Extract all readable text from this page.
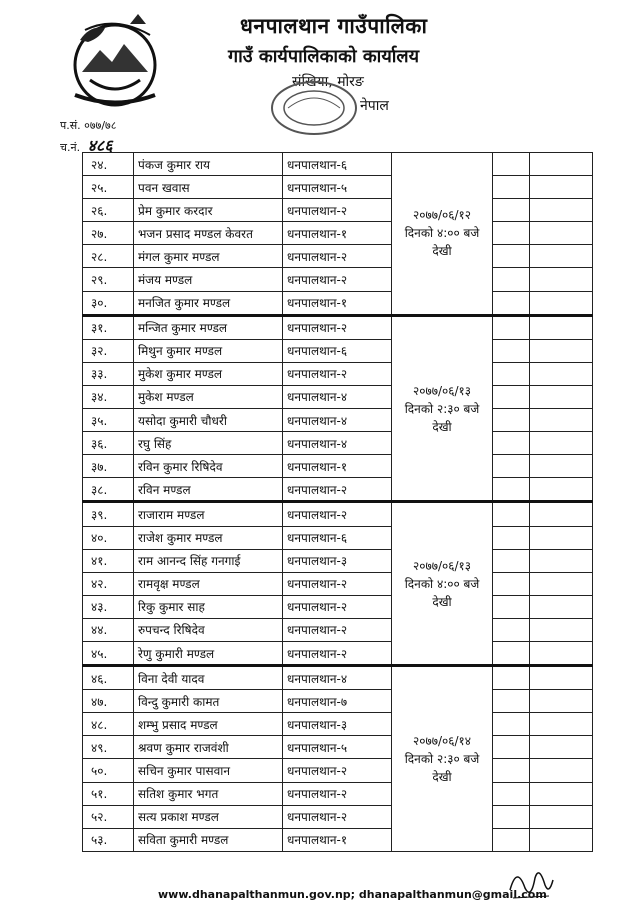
धनपालथान गाउँपालिका
गाउँ कार्यपालिकाको कार्यालय
संखिया, मोरङ
नेपाल
प.सं. ०७७/७८
च.नं. ४८६
२४.	पंकज कुमार राय	धनपालथान-६	२०७७/०६/१२
दिनको ४:०० बजे
देखी		

२५.	पवन खवास	धनपालथान-५			
२६.	प्रेम कुमार करदार	धनपालथान-२			
२७.	भजन प्रसाद मण्डल केवरत	धनपालथान-१			
२८.	मंगल कुमार मण्डल	धनपालथान-२			
२९.	मंजय मण्डल	धनपालथान-२			
३०.	मनजित कुमार मण्डल	धनपालथान-१			
३१.	मन्जित कुमार मण्डल	धनपालथान-२	२०७७/०६/१३
दिनको २:३० बजे
देखी		

३२.	मिथुन कुमार मण्डल	धनपालथान-६			
३३.	मुकेश कुमार मण्डल	धनपालथान-२			
३४.	मुकेश मण्डल	धनपालथान-४			
३५.	यसोदा कुमारी चौधरी	धनपालथान-४			
३६.	रघु सिंह	धनपालथान-४			
३७.	रविन कुमार रिषिदेव	धनपालथान-१			
३८.	रविन मण्डल	धनपालथान-२			
३९.	राजाराम मण्डल	धनपालथान-२	२०७७/०६/१३
दिनको ४:०० बजे
देखी		

४०.	राजेश कुमार मण्डल	धनपालथान-६			
४१.	राम आनन्द सिंह गनगाई	धनपालथान-३			
४२.	रामवृक्ष मण्डल	धनपालथान-२			
४३.	रिकु कुमार साह	धनपालथान-२			
४४.	रुपचन्द रिषिदेव	धनपालथान-२			
४५.	रेणु कुमारी मण्डल	धनपालथान-२			
४६.	विना देवी यादव	धनपालथान-४	२०७७/०६/१४
दिनको २:३० बजे
देखी		

४७.	विन्दु कुमारी कामत	धनपालथान-७			
४८.	शम्भु प्रसाद मण्डल	धनपालथान-३			
४९.	श्रवण कुमार राजवंशी	धनपालथान-५			
५०.	सचिन कुमार पासवान	धनपालथान-२			
५१.	सतिश कुमार भगत	धनपालथान-२			
५२.	सत्य प्रकाश मण्डल	धनपालथान-२			
५३.	सविता कुमारी मण्डल	धनपालथान-१			
www.dhanapalthanmun.gov.np; dhanapalthanmun@gmail.com
